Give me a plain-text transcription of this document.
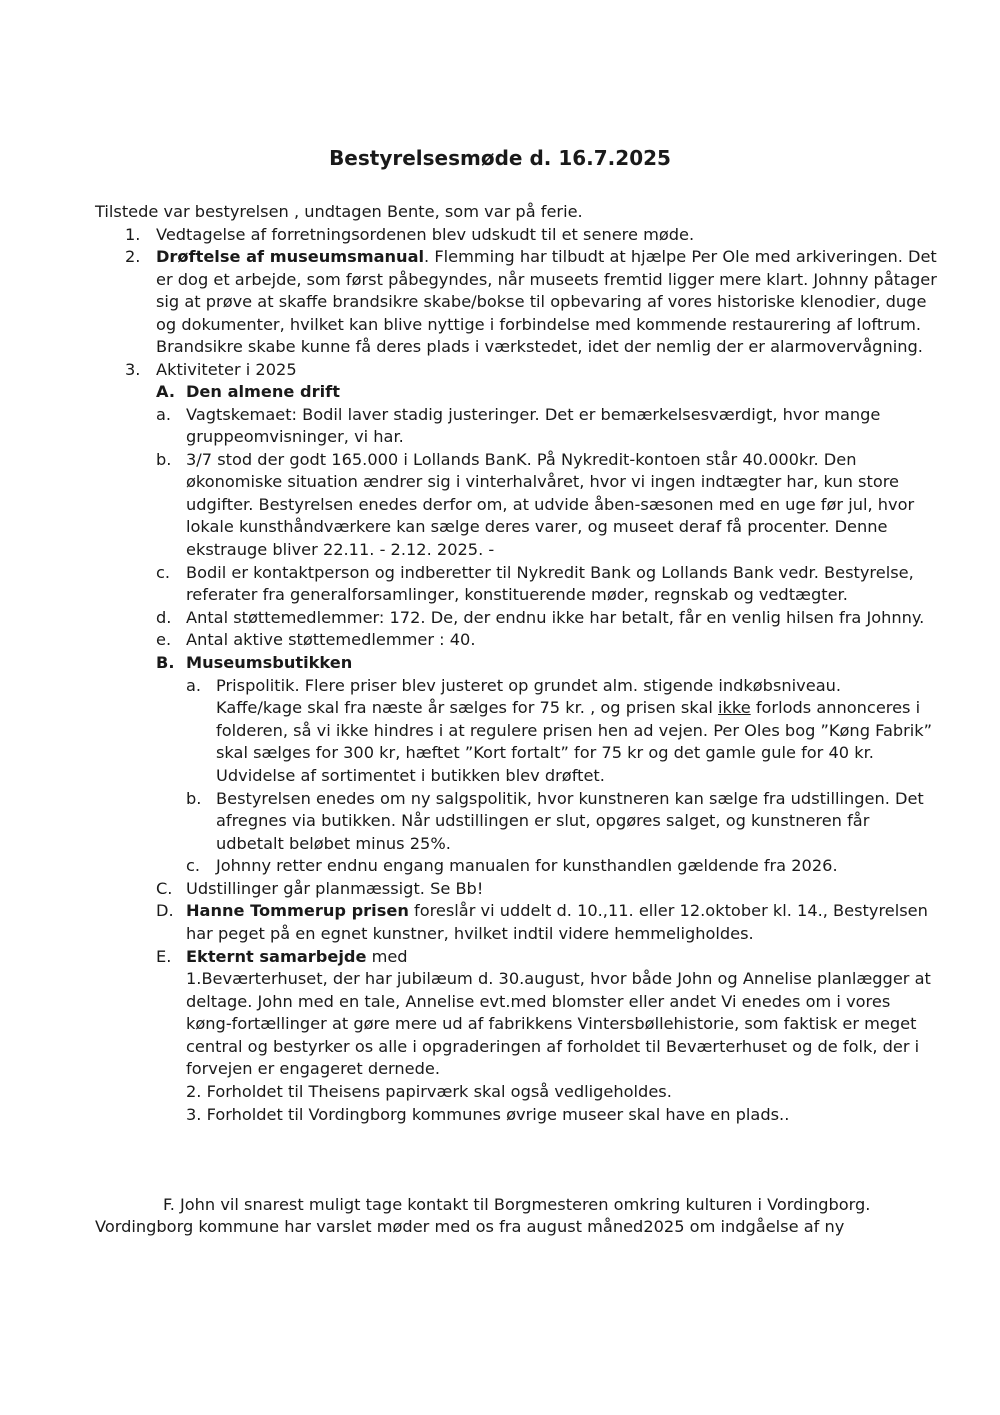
Bestyrelsesmøde d. 16.7.2025
Tilstede var bestyrelsen , undtagen Bente, som var på ferie.
1. Vedtagelse af forretningsordenen blev udskudt til et senere møde.
2. Drøftelse af museumsmanual. Flemming har tilbudt at hjælpe Per Ole med arkiveringen. Det
er dog et arbejde, som først påbegyndes, når museets fremtid ligger mere klart. Johnny påtager
sig at prøve at skaffe brandsikre skabe/bokse til opbevaring af vores historiske klenodier, duge
og dokumenter, hvilket kan blive nyttige i forbindelse med kommende restaurering af loftrum.
Brandsikre skabe kunne få deres plads i værkstedet, idet der nemlig der er alarmovervågning.
3. Aktiviteter i 2025
A. Den almene drift
a. Vagtskemaet: Bodil laver stadig justeringer. Det er bemærkelsesværdigt, hvor mange
gruppeomvisninger, vi har.
b. 3/7 stod der godt 165.000 i Lollands BanK. På Nykredit-kontoen står 40.000kr. Den
økonomiske situation ændrer sig i vinterhalvåret, hvor vi ingen indtægter har, kun store
udgifter. Bestyrelsen enedes derfor om, at udvide åben-sæsonen med en uge før jul, hvor
lokale kunsthåndværkere kan sælge deres varer, og museet deraf få procenter. Denne
ekstrauge bliver 22.11. - 2.12. 2025. -
c. Bodil er kontaktperson og indberetter til Nykredit Bank og Lollands Bank vedr. Bestyrelse,
referater fra generalforsamlinger, konstituerende møder, regnskab og vedtægter.
d. Antal støttemedlemmer: 172. De, der endnu ikke har betalt, får en venlig hilsen fra Johnny.
e. Antal aktive støttemedlemmer : 40.
B. Museumsbutikken
a. Prispolitik. Flere priser blev justeret op grundet alm. stigende indkøbsniveau.
Kaffe/kage skal fra næste år sælges for 75 kr. , og prisen skal ikke forlods annonceres i
folderen, så vi ikke hindres i at regulere prisen hen ad vejen. Per Oles bog ”Køng Fabrik”
skal sælges for 300 kr, hæftet ”Kort fortalt” for 75 kr og det gamle gule for 40 kr.
Udvidelse af sortimentet i butikken blev drøftet.
b. Bestyrelsen enedes om ny salgspolitik, hvor kunstneren kan sælge fra udstillingen. Det
afregnes via butikken. Når udstillingen er slut, opgøres salget, og kunstneren får
udbetalt beløbet minus 25%.
c. Johnny retter endnu engang manualen for kunsthandlen gældende fra 2026.
C. Udstillinger går planmæssigt. Se Bb!
D. Hanne Tommerup prisen foreslår vi uddelt d. 10.,11. eller 12.oktober kl. 14., Bestyrelsen
har peget på en egnet kunstner, hvilket indtil videre hemmeligholdes.
E. Ekternt samarbejde med
1.Beværterhuset, der har jubilæum d. 30.august, hvor både John og Annelise planlægger at
deltage. John med en tale, Annelise evt.med blomster eller andet Vi enedes om i vores
køng-fortællinger at gøre mere ud af fabrikkens Vintersbøllehistorie, som faktisk er meget
central og bestyrker os alle i opgraderingen af forholdet til Beværterhuset og de folk, der i
forvejen er engageret dernede.
2. Forholdet til Theisens papirværk skal også vedligeholdes.
3. Forholdet til Vordingborg kommunes øvrige museer skal have en plads..
F. John vil snarest muligt tage kontakt til Borgmesteren omkring kulturen i Vordingborg.
Vordingborg kommune har varslet møder med os fra august måned2025 om indgåelse af ny
